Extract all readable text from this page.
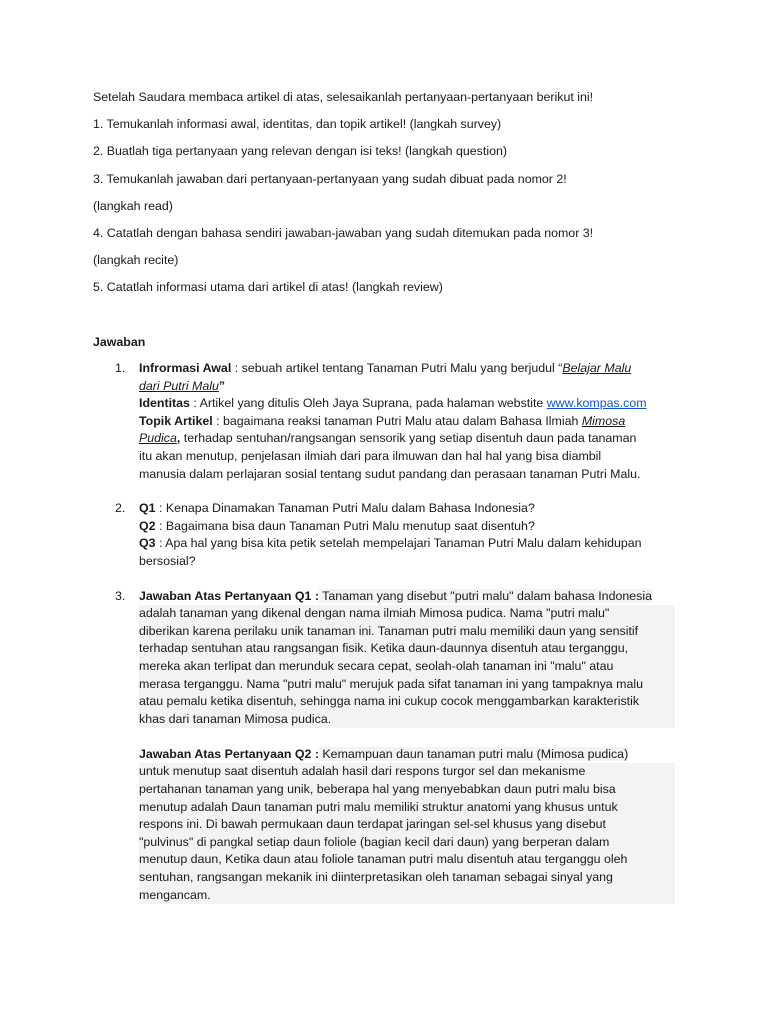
Setelah Saudara membaca artikel di atas, selesaikanlah pertanyaan-pertanyaan berikut ini!

1. Temukanlah informasi awal, identitas, dan topik artikel! (langkah survey)

2. Buatlah tiga pertanyaan yang relevan dengan isi teks! (langkah question)

3. Temukanlah jawaban dari pertanyaan-pertanyaan yang sudah dibuat pada nomor 2!

(langkah read)

4. Catatlah dengan bahasa sendiri jawaban-jawaban yang sudah ditemukan pada nomor 3!

(langkah recite)

5. Catatlah informasi utama dari artikel di atas! (langkah review)

Jawaban

1. Infrormasi Awal : sebuah artikel tentang Tanaman Putri Malu yang berjudul “Belajar Malu
dari Putri Malu”
Identitas : Artikel yang ditulis Oleh Jaya Suprana, pada halaman webstite www.kompas.com
Topik Artikel : bagaimana reaksi tanaman Putri Malu atau dalam Bahasa Ilmiah Mimosa
Pudica, terhadap sentuhan/rangsangan sensorik yang setiap disentuh daun pada tanaman
itu akan menutup, penjelasan ilmiah dari para ilmuwan dan hal hal yang bisa diambil
manusia dalam perlajaran sosial tentang sudut pandang dan perasaan tanaman Putri Malu.
2. Q1 : Kenapa Dinamakan Tanaman Putri Malu dalam Bahasa Indonesia?
Q2 : Bagaimana bisa daun Tanaman Putri Malu menutup saat disentuh?
Q3 : Apa hal yang bisa kita petik setelah mempelajari Tanaman Putri Malu dalam kehidupan
bersosial?
3. Jawaban Atas Pertanyaan Q1 : Tanaman yang disebut "putri malu" dalam bahasa Indonesia
adalah tanaman yang dikenal dengan nama ilmiah Mimosa pudica. Nama "putri malu"
diberikan karena perilaku unik tanaman ini. Tanaman putri malu memiliki daun yang sensitif
terhadap sentuhan atau rangsangan fisik. Ketika daun-daunnya disentuh atau terganggu,
mereka akan terlipat dan merunduk secara cepat, seolah-olah tanaman ini "malu" atau
merasa terganggu. Nama "putri malu" merujuk pada sifat tanaman ini yang tampaknya malu
atau pemalu ketika disentuh, sehingga nama ini cukup cocok menggambarkan karakteristik
khas dari tanaman Mimosa pudica.
Jawaban Atas Pertanyaan Q2 : Kemampuan daun tanaman putri malu (Mimosa pudica)
untuk menutup saat disentuh adalah hasil dari respons turgor sel dan mekanisme
pertahanan tanaman yang unik, beberapa hal yang menyebabkan daun putri malu bisa
menutup adalah Daun tanaman putri malu memiliki struktur anatomi yang khusus untuk
respons ini. Di bawah permukaan daun terdapat jaringan sel-sel khusus yang disebut
"pulvinus" di pangkal setiap daun foliole (bagian kecil dari daun) yang berperan dalam
menutup daun, Ketika daun atau foliole tanaman putri malu disentuh atau terganggu oleh
sentuhan, rangsangan mekanik ini diinterpretasikan oleh tanaman sebagai sinyal yang
mengancam.
